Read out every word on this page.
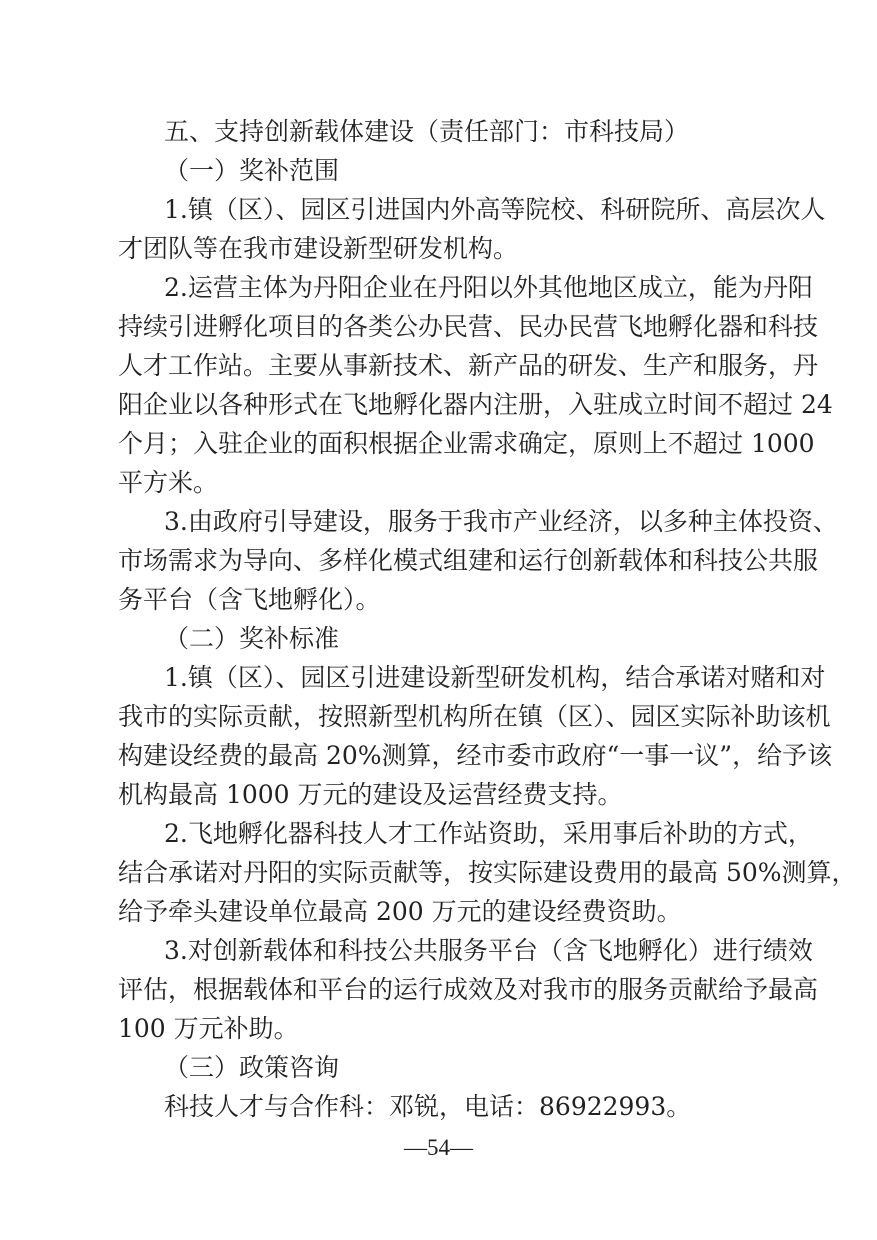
五、支持创新载体建设（责任部门：市科技局）
（一）奖补范围
1.镇（区）、园区引进国内外高等院校、科研院所、高层次人
才团队等在我市建设新型研发机构。
2.运营主体为丹阳企业在丹阳以外其他地区成立，能为丹阳
持续引进孵化项目的各类公办民营、民办民营飞地孵化器和科技
人才工作站。主要从事新技术、新产品的研发、生产和服务，丹
阳企业以各种形式在飞地孵化器内注册，入驻成立时间不超过 24
个月；入驻企业的面积根据企业需求确定，原则上不超过 1000
平方米。
3.由政府引导建设，服务于我市产业经济，以多种主体投资、
市场需求为导向、多样化模式组建和运行创新载体和科技公共服
务平台（含飞地孵化）。
（二）奖补标准
1.镇（区）、园区引进建设新型研发机构，结合承诺对赌和对
我市的实际贡献，按照新型机构所在镇（区）、园区实际补助该机
构建设经费的最高 20%测算，经市委市政府“一事一议”，给予该
机构最高 1000 万元的建设及运营经费支持。
2.飞地孵化器科技人才工作站资助，采用事后补助的方式，
结合承诺对丹阳的实际贡献等，按实际建设费用的最高 50%测算，
给予牵头建设单位最高 200 万元的建设经费资助。
3.对创新载体和科技公共服务平台（含飞地孵化）进行绩效
评估，根据载体和平台的运行成效及对我市的服务贡献给予最高
100 万元补助。
（三）政策咨询
科技人才与合作科：邓锐，电话：86922993。
—54—
